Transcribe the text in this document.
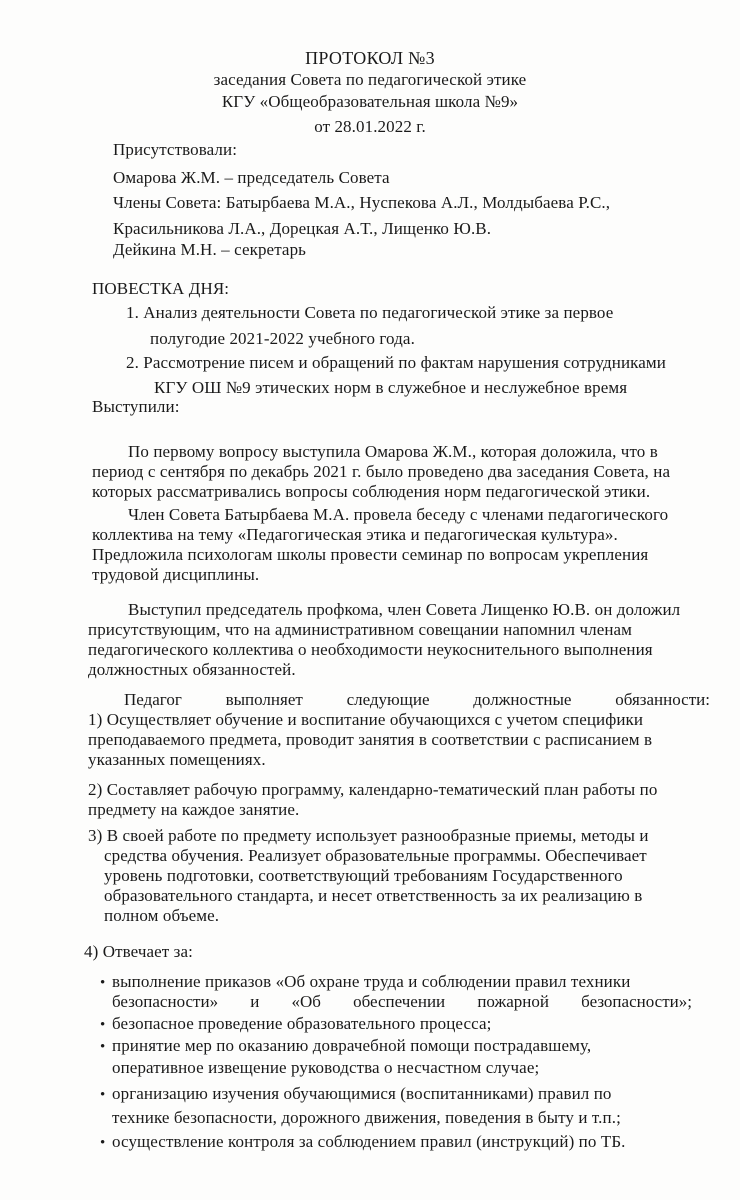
ПРОТОКОЛ №3
заседания Совета по педагогической этике
КГУ «Общеобразовательная школа №9»
от 28.01.2022 г.
Присутствовали:
Омарова Ж.М. – председатель Совета
Члены Совета: Батырбаева М.А., Нуспекова А.Л., Молдыбаева Р.С.,
Красильникова Л.А., Дорецкая А.Т., Лищенко Ю.В.
Дейкина М.Н. – секретарь
ПОВЕСТКА ДНЯ:
1. Анализ деятельности Совета по педагогической этике за первое
полугодие 2021-2022 учебного года.
2. Рассмотрение писем и обращений по фактам нарушения сотрудниками
КГУ ОШ №9 этических норм в служебное и неслужебное время
Выступили:
По первому вопросу выступила Омарова Ж.М., которая доложила, что в
период с сентября по декабрь 2021 г. было проведено два заседания Совета, на
которых рассматривались вопросы соблюдения норм педагогической этики.
Член Совета Батырбаева М.А. провела беседу с членами педагогического
коллектива на тему «Педагогическая этика и педагогическая культура».
Предложила психологам школы провести семинар по вопросам укрепления
трудовой дисциплины.
Выступил председатель профкома, член Совета Лищенко Ю.В. он доложил
присутствующим, что на административном совещании напомнил членам
педагогического коллектива о необходимости неукоснительного выполнения
должностных обязанностей.
Педагог	выполняет	следующие	должностные	обязанности:
1) Осуществляет обучение и воспитание обучающихся с учетом специфики
преподаваемого предмета, проводит занятия в соответствии с расписанием в
указанных помещениях.
2) Составляет рабочую программу, календарно-тематический план работы по
предмету на каждое занятие.
3) В своей работе по предмету использует разнообразные приемы, методы и
средства обучения. Реализует образовательные программы. Обеспечивает
уровень подготовки, соответствующий требованиям Государственного
образовательного стандарта, и несет ответственность за их реализацию в
полном объеме.
4) Отвечает за:
• выполнение приказов «Об охране труда и соблюдении правил техники
безопасности» и «Об обеспечении пожарной безопасности»;
• безопасное проведение образовательного процесса;
• принятие мер по оказанию доврачебной помощи пострадавшему,
оперативное извещение руководства о несчастном случае;
• организацию изучения обучающимися (воспитанниками) правил по
технике безопасности, дорожного движения, поведения в быту и т.п.;
• осуществление контроля за соблюдением правил (инструкций) по ТБ.
